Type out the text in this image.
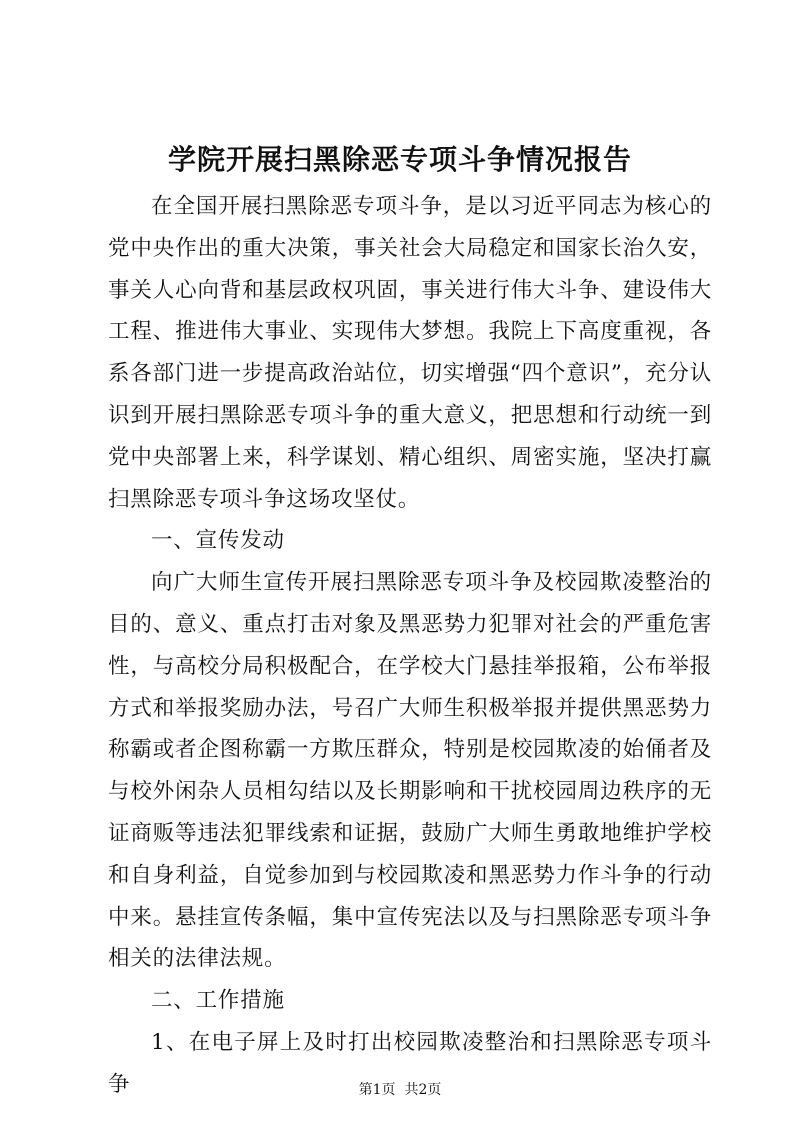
学院开展扫黑除恶专项斗争情况报告

在全国开展扫黑除恶专项斗争，是以习近平同志为核心的党中央作出的重大决策，事关社会大局稳定和国家长治久安，事关人心向背和基层政权巩固，事关进行伟大斗争、建设伟大工程、推进伟大事业、实现伟大梦想。我院上下高度重视，各系各部门进一步提高政治站位，切实增强“四个意识”，充分认识到开展扫黑除恶专项斗争的重大意义，把思想和行动统一到党中央部署上来，科学谋划、精心组织、周密实施，坚决打赢扫黑除恶专项斗争这场攻坚仗。

一、宣传发动

向广大师生宣传开展扫黑除恶专项斗争及校园欺凌整治的目的、意义、重点打击对象及黑恶势力犯罪对社会的严重危害性，与高校分局积极配合，在学校大门悬挂举报箱，公布举报方式和举报奖励办法，号召广大师生积极举报并提供黑恶势力称霸或者企图称霸一方欺压群众，特别是校园欺凌的始俑者及与校外闲杂人员相勾结以及长期影响和干扰校园周边秩序的无证商贩等违法犯罪线索和证据，鼓励广大师生勇敢地维护学校和自身利益，自觉参加到与校园欺凌和黑恶势力作斗争的行动中来。悬挂宣传条幅，集中宣传宪法以及与扫黑除恶专项斗争相关的法律法规。

二、工作措施

1、在电子屏上及时打出校园欺凌整治和扫黑除恶专项斗争	第1页  共2页
